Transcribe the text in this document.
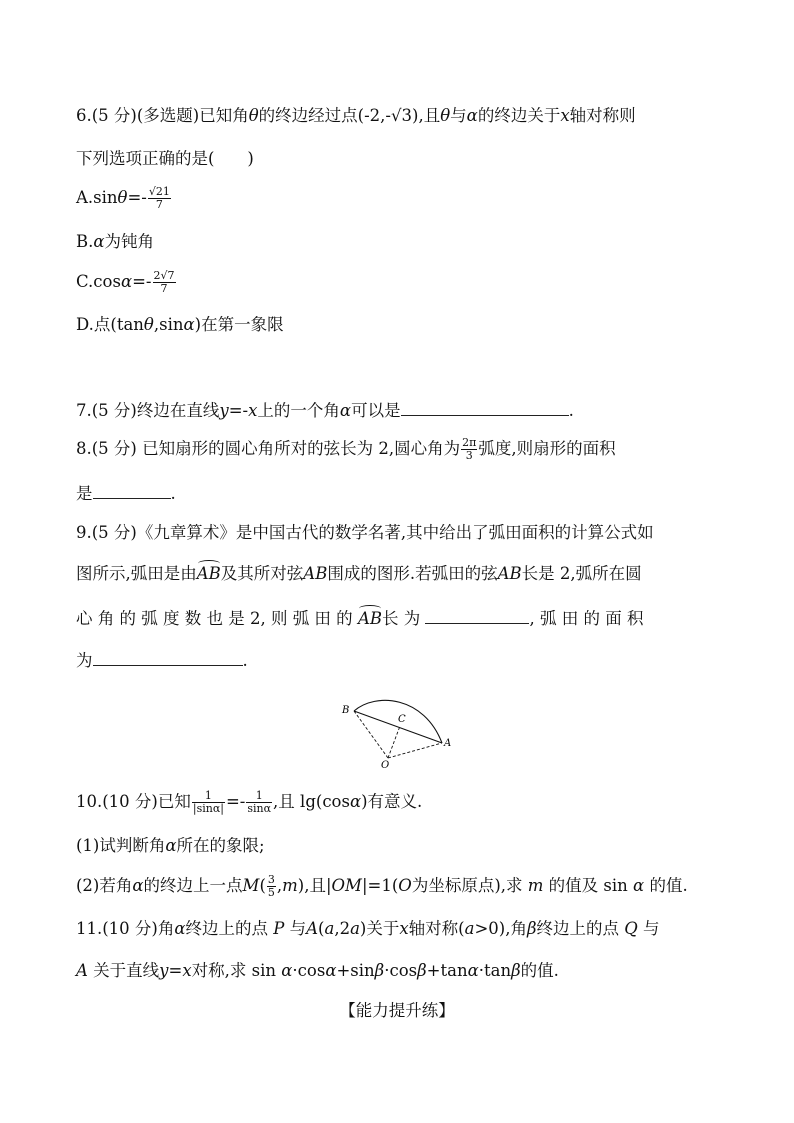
6.(5 分)(多选题)已知角θ的终边经过点(-2,-√3),且θ与α的终边关于x轴对称则
下列选项正确的是(　　)
$A.\sin\theta=- \frac{√21}{7}$
B.α为钝角
$C.\cos\alpha=- \frac{2√7}{7}$
D.点(tanθ,sinα)在第一象限
7.(5 分)终边在直线y=-x上的一个角α可以是	.
8.(5 分) 已知扇形的圆心角所对的弦长为 2,圆心角为 $\frac{2\pi}{3}$ 弧度,则扇形的面积
是	.
9.(5 分)《九章算术》是中国古代的数学名著,其中给出了弧田面积的计算公式如
图所示,弧田是由AB及其所对弦AB围成的图形.若弧田的弦AB长是 2,弧所在圆
心 角 的 弧 度 数 也 是 2, 则 弧 田 的 AB长 为	, 弧 田 的 面 积
为	.
B
C
A
O
10.(10 分)已知 $\frac{1}{|\sin\alpha|} =- \frac{1}{\sin\alpha}$ ,且 lg(cosα)有意义.
(1)试判断角α所在的象限;
(2)若角α的终边上一点$M( \frac{3}{5} ,m)$,且|OM|=1(O为坐标原点),求 m 的值及 sin α 的值.
11.(10 分)角α终边上的点 P 与A(a,2a)关于x轴对称(a>0),角β终边上的点 Q 与
A 关于直线y=x对称,求 sin α·cosα+sinβ·cosβ+tanα·tanβ的值.
【能力提升练】
